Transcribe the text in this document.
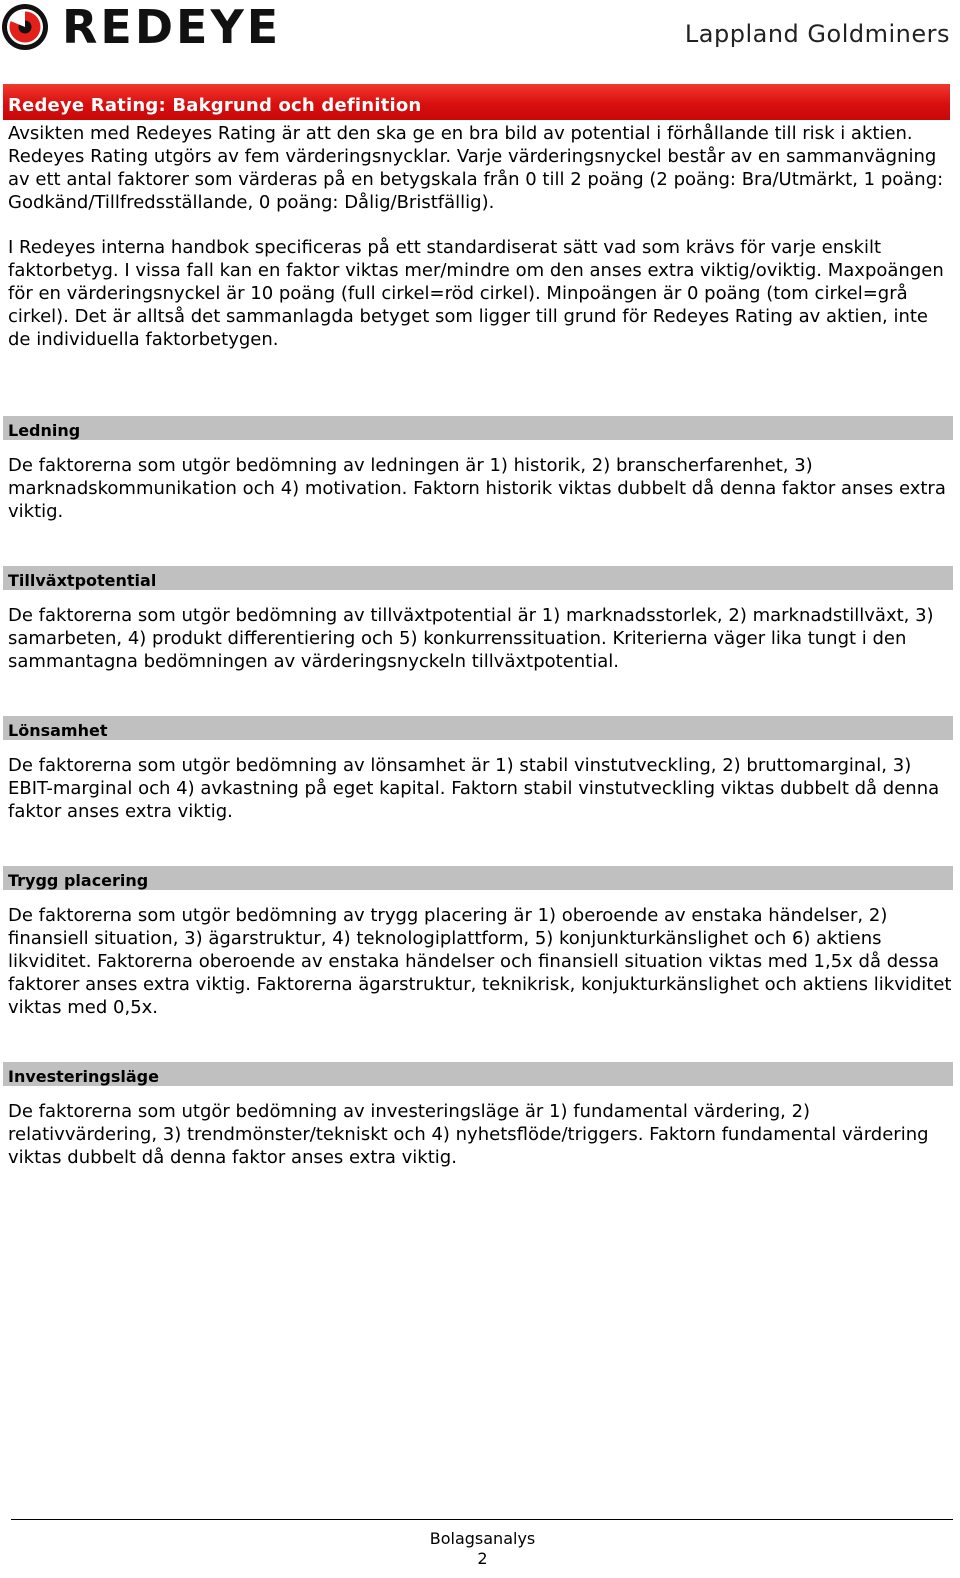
REDEYE	Lappland Goldminers
Redeye Rating: Bakgrund och definition

Avsikten med Redeyes Rating är att den ska ge en bra bild av potential i förhållande till risk i aktien. Redeyes Rating utgörs av fem värderingsnycklar. Varje värderingsnyckel består av en sammanvägning av ett antal faktorer som värderas på en betygskala från 0 till 2 poäng (2 poäng: Bra/Utmärkt, 1 poäng: Godkänd/Tillfredsställande, 0 poäng: Dålig/Bristfällig).

I Redeyes interna handbok specificeras på ett standardiserat sätt vad som krävs för varje enskilt faktorbetyg. I vissa fall kan en faktor viktas mer/mindre om den anses extra viktig/oviktig. Maxpoängen för en värderingsnyckel är 10 poäng (full cirkel=röd cirkel). Minpoängen är 0 poäng (tom cirkel=grå cirkel). Det är alltså det sammanlagda betyget som ligger till grund för Redeyes Rating av aktien, inte de individuella faktorbetygen.

Ledning

De faktorerna som utgör bedömning av ledningen är 1) historik, 2) branscherfarenhet, 3) marknadskommunikation och 4) motivation. Faktorn historik viktas dubbelt då denna faktor anses extra viktig.

Tillväxtpotential

De faktorerna som utgör bedömning av tillväxtpotential är 1) marknadsstorlek, 2) marknadstillväxt, 3) samarbeten, 4) produkt differentiering och 5) konkurrenssituation. Kriterierna väger lika tungt i den sammantagna bedömningen av värderingsnyckeln tillväxtpotential.

Lönsamhet

De faktorerna som utgör bedömning av lönsamhet är 1) stabil vinstutveckling, 2) bruttomarginal, 3) EBIT-marginal och 4) avkastning på eget kapital. Faktorn stabil vinstutveckling viktas dubbelt då denna faktor anses extra viktig.

Trygg placering

De faktorerna som utgör bedömning av trygg placering är 1) oberoende av enstaka händelser, 2) finansiell situation, 3) ägarstruktur, 4) teknologiplattform, 5) konjunkturkänslighet och 6) aktiens likviditet. Faktorerna oberoende av enstaka händelser och finansiell situation viktas med 1,5x då dessa faktorer anses extra viktig. Faktorerna ägarstruktur, teknikrisk, konjukturkänslighet och aktiens likviditet viktas med 0,5x.

Investeringsläge

De faktorerna som utgör bedömning av investeringsläge är 1) fundamental värdering, 2) relativvärdering, 3) trendmönster/tekniskt och 4) nyhetsflöde/triggers. Faktorn fundamental värdering viktas dubbelt då denna faktor anses extra viktig.

Bolagsanalys
2
